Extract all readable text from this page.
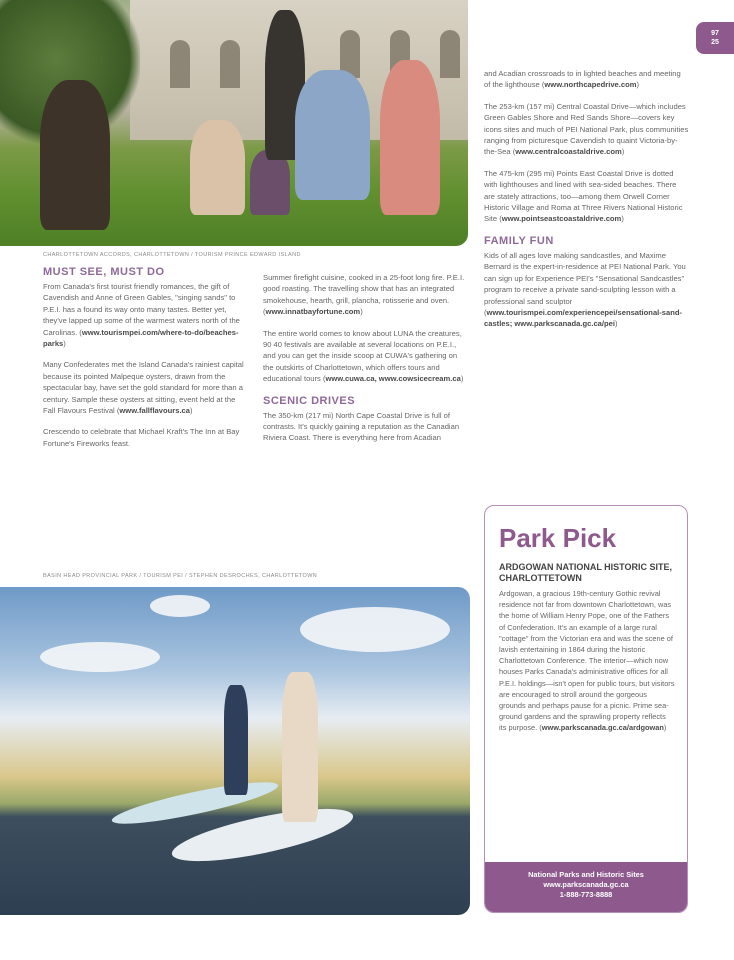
97
25
CHARLOTTETOWN ACCORDS, CHARLOTTETOWN / TOURISM PRINCE EDWARD ISLAND
MUST SEE, MUST DO

From Canada's first tourist friendly romances, the gift of Cavendish and Anne of Green Gables, "singing sands" to P.E.I. has a found its way onto many tastes. Better yet, they've lapped up some of the warmest waters north of the Carolinas. (www.tourismpei.com/where-to-do/beaches-parks)

Many Confederates met the Island Canada's rainiest capital because its pointed Malpeque oysters, drawn from the spectacular bay, have set the gold standard for more than a century. Sample these oysters at sitting, event held at the Fall Flavours Festival (www.fallflavours.ca)

Crescendo to celebrate that Michael Kraft's The Inn at Bay Fortune's Fireworks feast.

Summer firefight cuisine, cooked in a 25-foot long fire. P.E.I. good roasting. The travelling show that has an integrated smokehouse, hearth, grill, plancha, rotisserie and oven. (www.innatbayfortune.com)

The entire world comes to know about LUNA the creatures, 90 40 festivals are available at several locations on P.E.I., and you can get the inside scoop at CUWA's gathering on the outskirts of Charlottetown, which offers tours and educational tours (www.cuwa.ca, www.cowsicecream.ca)

SCENIC DRIVES

The 350-km (217 mi) North Cape Coastal Drive is full of contrasts. It's quickly gaining a reputation as the Canadian Riviera Coast. There is everything here from Acadian

and Acadian crossroads to in lighted beaches and meeting of the lighthouse (www.northcapedrive.com)

The 253-km (157 mi) Central Coastal Drive—which includes Green Gables Shore and Red Sands Shore—covers key icons sites and much of PEI National Park, plus communities ranging from picturesque Cavendish to quaint Victoria-by-the-Sea (www.centralcoastaldrive.com)

The 475-km (295 mi) Points East Coastal Drive is dotted with lighthouses and lined with sea-sided beaches. There are stately attractions, too—among them Orwell Corner Historic Village and Roma at Three Rivers National Historic Site (www.pointseastcoastaldrive.com)

FAMILY FUN

Kids of all ages love making sandcastles, and Maxime Bernard is the expert-in-residence at PEI National Park. You can sign up for Experience PEI's "Sensational Sandcastles" program to receive a private sand-sculpting lesson with a professional sand sculptor (www.tourismpei.com/experiencepei/sensational-sand-castles; www.parkscanada.gc.ca/pei)

BASIN HEAD PROVINCIAL PARK / TOURISM PEI / STEPHEN DESROCHES, CHARLOTTETOWN
Park Pick
ARDGOWAN NATIONAL HISTORIC SITE, CHARLOTTETOWN
Ardgowan, a gracious 19th-century Gothic revival residence not far from downtown Charlottetown, was the home of William Henry Pope, one of the Fathers of Confederation. It's an example of a large rural "cottage" from the Victorian era and was the scene of lavish entertaining in 1864 during the historic Charlottetown Conference. The interior—which now houses Parks Canada's administrative offices for all P.E.I. holdings—isn't open for public tours, but visitors are encouraged to stroll around the gorgeous grounds and perhaps pause for a picnic. Prime sea-ground gardens and the sprawling property reflects its purpose. (www.parkscanada.gc.ca/ardgowan)
National Parks and Historic Sites
www.parkscanada.gc.ca
1-888-773-8888
